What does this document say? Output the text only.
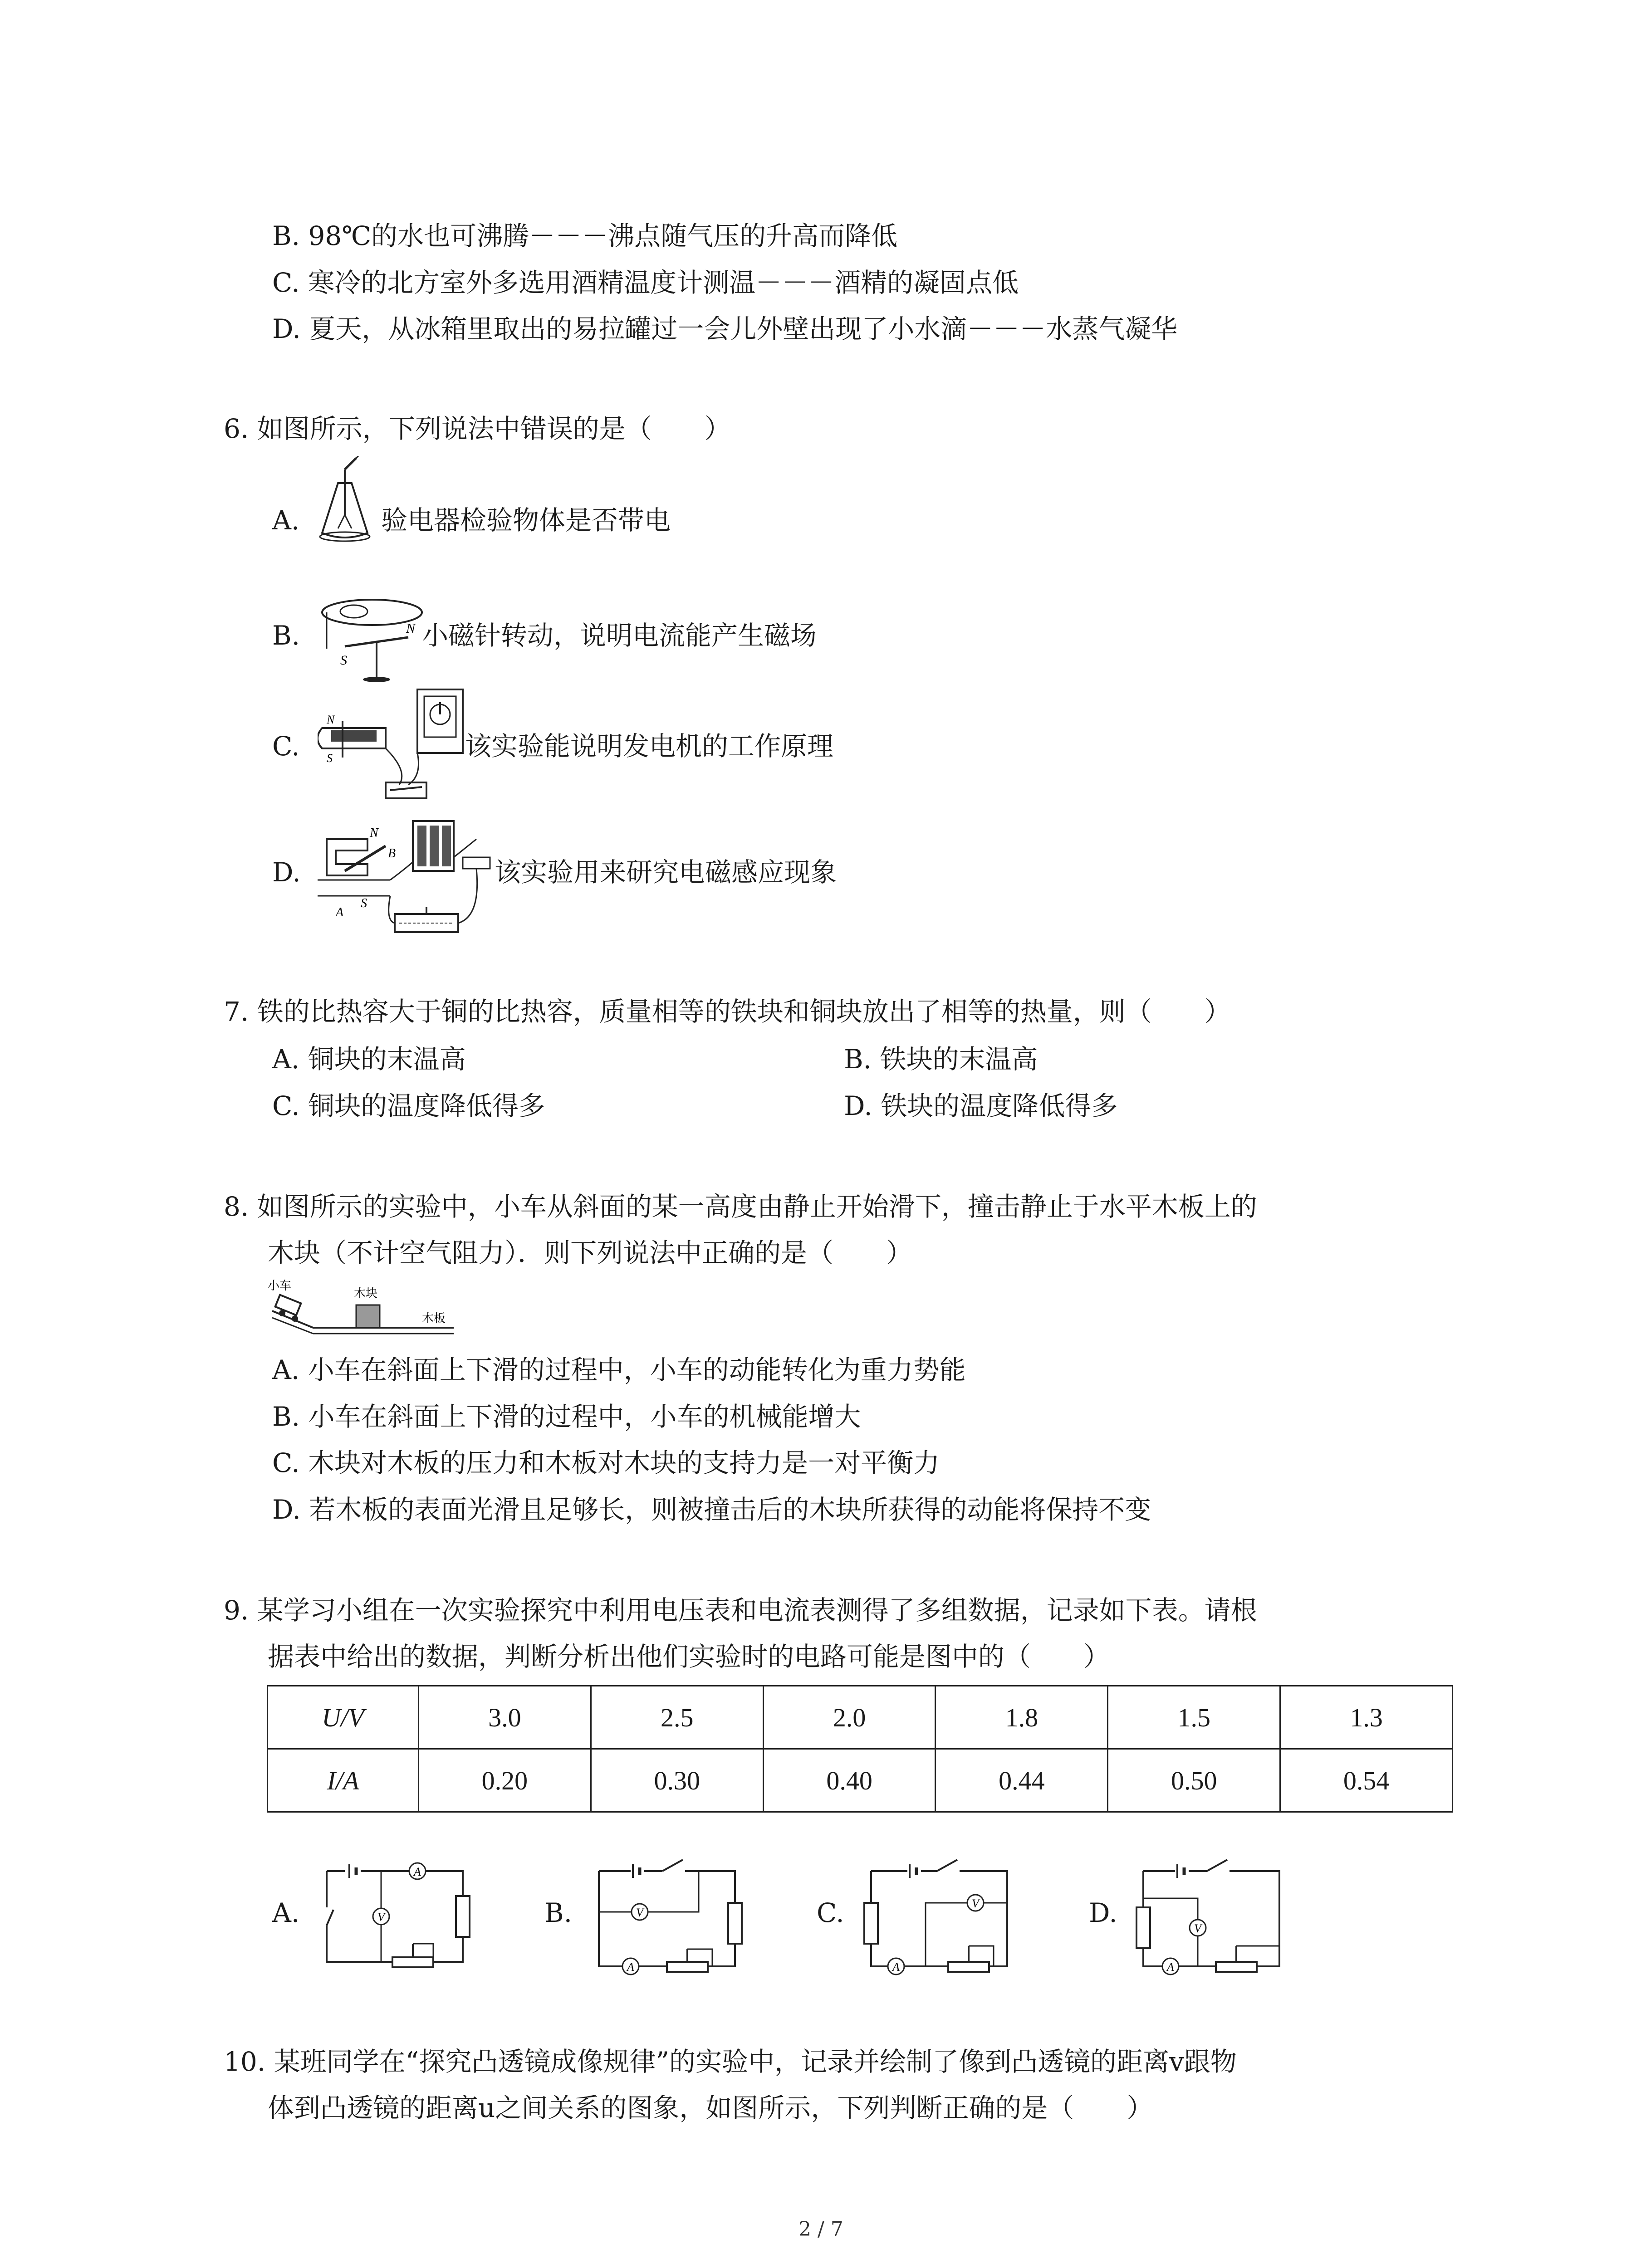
B. 98℃的水也可沸腾－－－沸点随气压的升高而降低
C. 寒冷的北方室外多选用酒精温度计测温－－－酒精的凝固点低
D. 夏天，从冰箱里取出的易拉罐过一会儿外壁出现了小水滴－－－水蒸气凝华
6. 如图所示，下列说法中错误的是（　　）
A.	验电器检验物体是否带电
B.	N
S
小磁针转动，说明电流能产生磁场
C.
N
S	该实验能说明发电机的工作原理
D.
N
S
A
B
该实验用来研究电磁感应现象
7. 铁的比热容大于铜的比热容，质量相等的铁块和铜块放出了相等的热量，则（　　）
A. 铜块的末温高	B. 铁块的末温高
C. 铜块的温度降低得多	D. 铁块的温度降低得多
8. 如图所示的实验中，小车从斜面的某一高度由静止开始滑下，撞击静止于水平木板上的
木块（不计空气阻力）．则下列说法中正确的是（　　）
小车
木块
木板
A. 小车在斜面上下滑的过程中，小车的动能转化为重力势能
B. 小车在斜面上下滑的过程中，小车的机械能增大
C. 木块对木板的压力和木板对木块的支持力是一对平衡力
D. 若木板的表面光滑且足够长，则被撞击后的木块所获得的动能将保持不变
9. 某学习小组在一次实验探究中利用电压表和电流表测得了多组数据，记录如下表。请根
据表中给出的数据，判断分析出他们实验时的电路可能是图中的（　　）
U/V	3.0	2.5	2.0	1.8	1.5	1.3
I/A	0.20	0.30	0.40	0.44	0.50	0.54
A.
A
V	B.	V
A
C.	V
A
D.
V
A
10. 某班同学在“探究凸透镜成像规律”的实验中，记录并绘制了像到凸透镜的距离v跟物
体到凸透镜的距离u之间关系的图象，如图所示，下列判断正确的是（　　）
2 / 7
